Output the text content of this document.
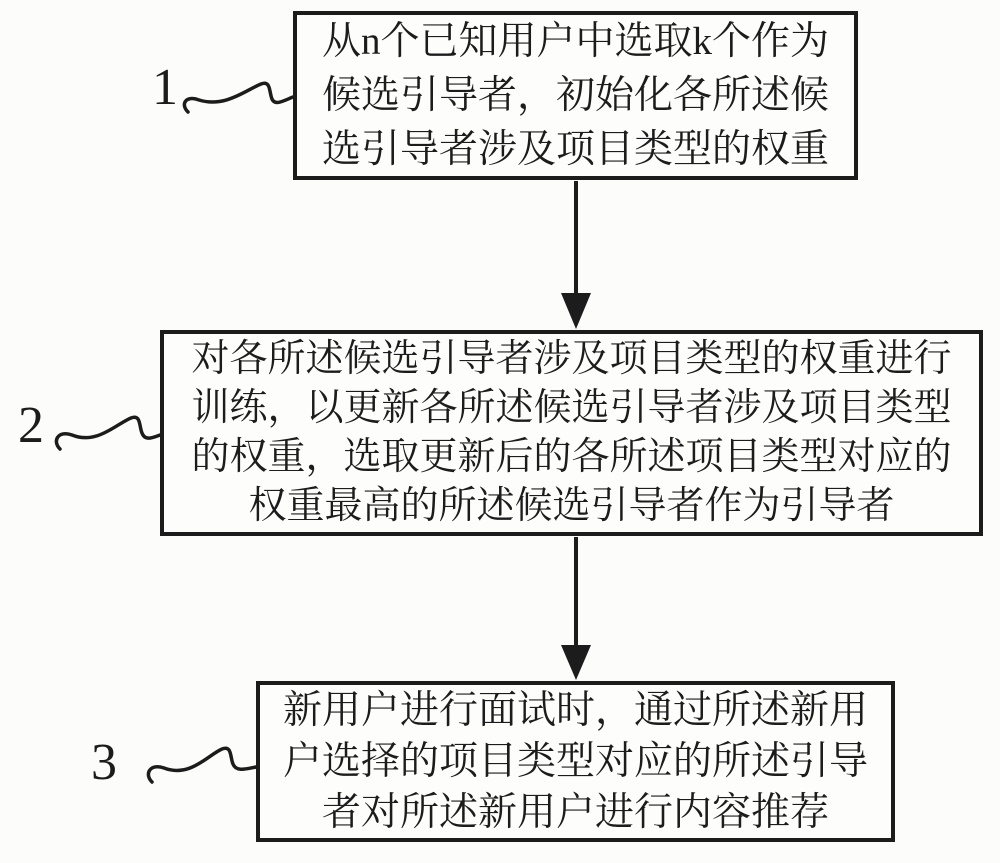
1
2
3
从n个已知用户中选取k个作为
候选引导者，初始化各所述候
选引导者涉及项目类型的权重
对各所述候选引导者涉及项目类型的权重进行
训练，以更新各所述候选引导者涉及项目类型
的权重，选取更新后的各所述项目类型对应的
权重最高的所述候选引导者作为引导者
新用户进行面试时，通过所述新用
户选择的项目类型对应的所述引导
者对所述新用户进行内容推荐
